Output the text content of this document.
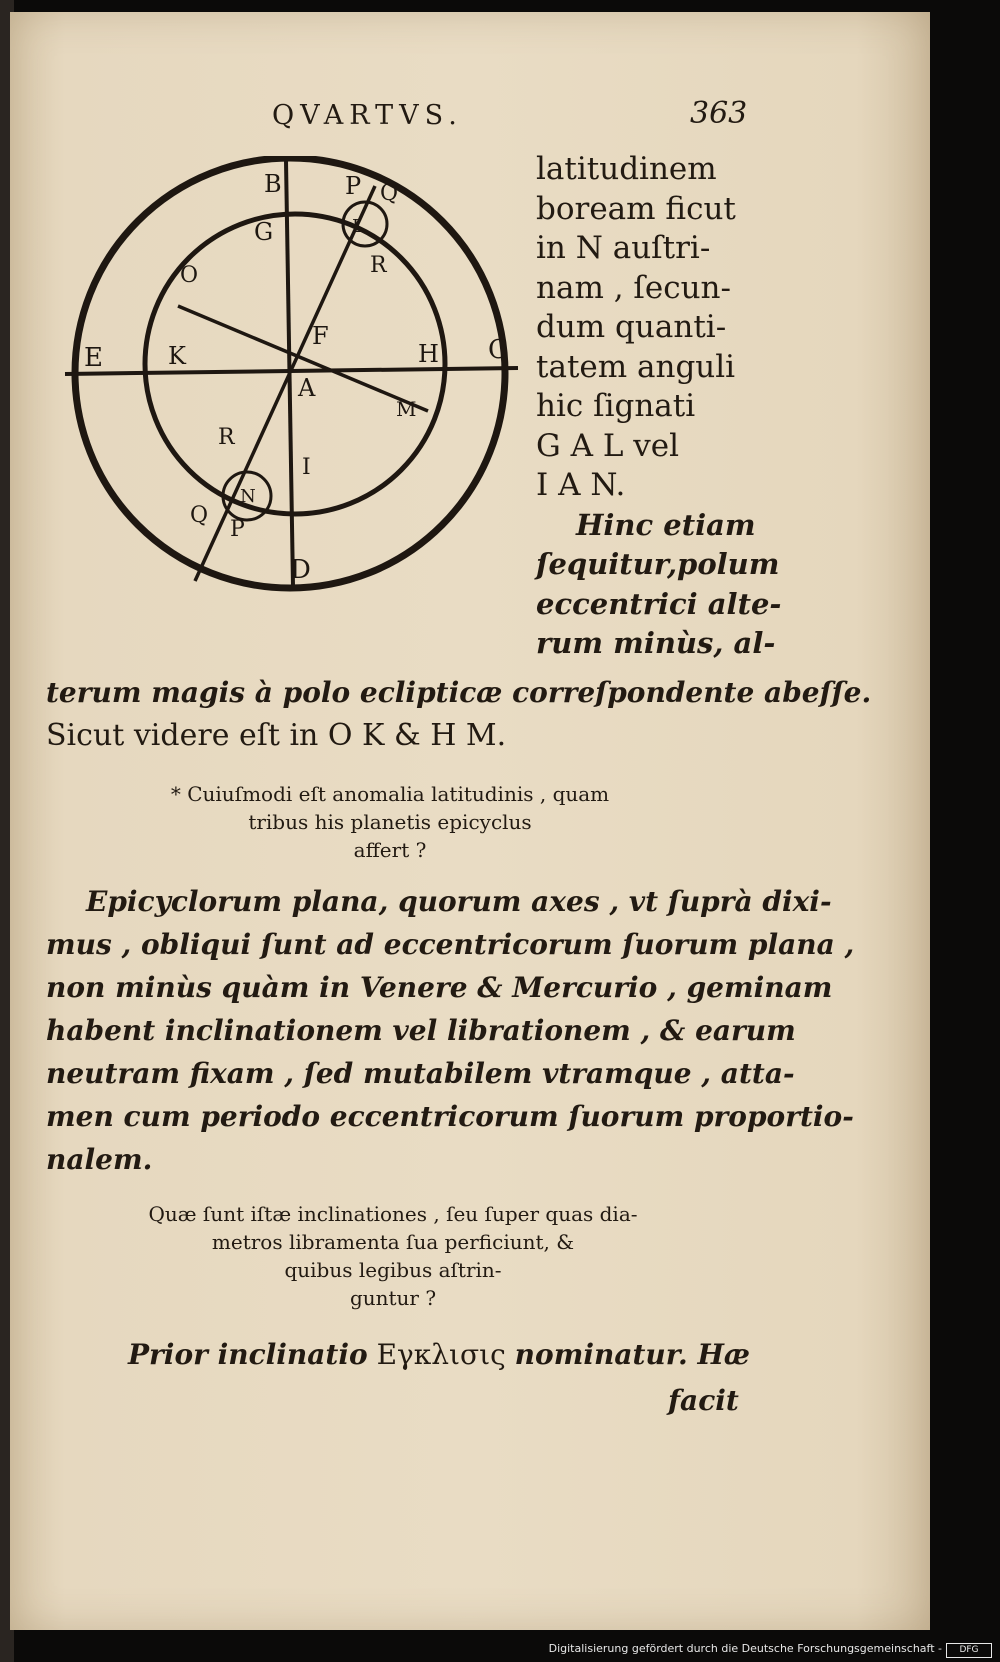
QVARTVS.	363
B	P Q
G	L
R
O
F
E	K	H C
A
M
R
N
I
Q
P
D
latitudinem
boream ficut
in N auſtri-
nam , ſecun-
dum quanti-
tatem anguli
hic ſignati
G A L vel
I A N.
Hinc etiam
ſequitur,polum
eccentrici alte-
rum minùs, al-
terum magis à polo eclipticæ correſpondente abeſſe.
Sicut videre eſt in O K & H M.
* Cuiuſmodi eſt anomalia latitudinis , quam
tribus his planetis epicyclus
affert ?
Epicyclorum plana, quorum axes , vt ſuprà dixi-
mus , obliqui ſunt ad eccentricorum ſuorum plana ,
non minùs quàm in Venere & Mercurio , geminam
habent inclinationem vel librationem , & earum
neutram fixam , ſed mutabilem vtramque , atta-
men cum periodo eccentricorum ſuorum proportio-
nalem.
Quæ ſunt iſtæ inclinationes , ſeu ſuper quas dia-
metros libramenta ſua perficiunt, &
quibus legibus aſtrin-
guntur ?
Prior inclinatio Εγκλισις nominatur. Hæ
facit
Digitalisierung gefördert durch die Deutsche Forschungsgemeinschaft -	DFG
